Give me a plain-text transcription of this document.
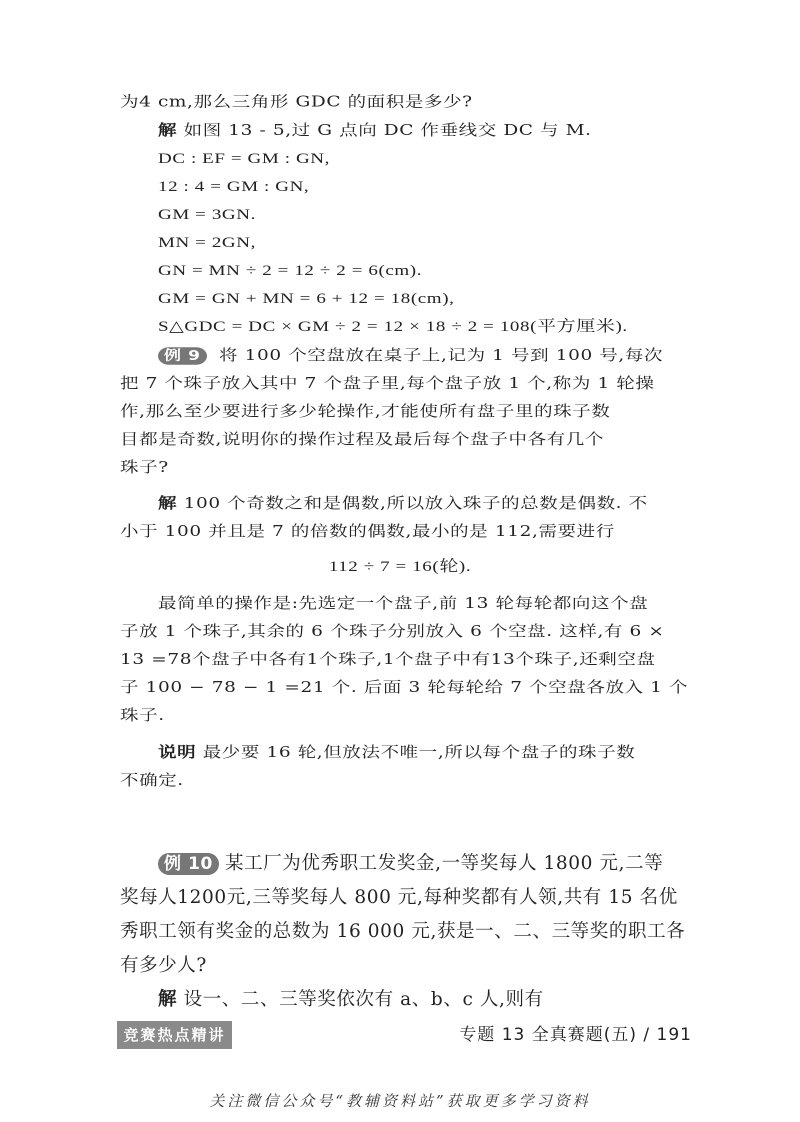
为4 cm,那么三角形 GDC 的面积是多少?
解 如图 13 - 5,过 G 点向 DC 作垂线交 DC 与 M.
DC : EF = GM : GN,
12 : 4 = GM : GN,
GM = 3GN.
MN = 2GN,
GN = MN ÷ 2 = 12 ÷ 2 = 6(cm).
GM = GN + MN = 6 + 12 = 18(cm),
S△GDC = DC × GM ÷ 2 = 12 × 18 ÷ 2 = 108(平方厘米).
例 9 将 100 个空盘放在桌子上,记为 1 号到 100 号,每次
把 7 个珠子放入其中 7 个盘子里,每个盘子放 1 个,称为 1 轮操
作,那么至少要进行多少轮操作,才能使所有盘子里的珠子数
目都是奇数,说明你的操作过程及最后每个盘子中各有几个
珠子?
解 100 个奇数之和是偶数,所以放入珠子的总数是偶数. 不
小于 100 并且是 7 的倍数的偶数,最小的是 112,需要进行
112 ÷ 7 = 16(轮).
最简单的操作是:先选定一个盘子,前 13 轮每轮都向这个盘
子放 1 个珠子,其余的 6 个珠子分别放入 6 个空盘. 这样,有 6 ×
13 =78个盘子中各有1个珠子,1个盘子中有13个珠子,还剩空盘
子 100 − 78 − 1 =21 个. 后面 3 轮每轮给 7 个空盘各放入 1 个
珠子.
说明 最少要 16 轮,但放法不唯一,所以每个盘子的珠子数
不确定.
例 10 某工厂为优秀职工发奖金,一等奖每人 1800 元,二等
奖每人1200元,三等奖每人 800 元,每种奖都有人领,共有 15 名优
秀职工领有奖金的总数为 16 000 元,获是一、二、三等奖的职工各
有多少人?
解 设一、二、三等奖依次有 a、b、c 人,则有
竞赛热点精讲	专题 13 全真赛题(五) / 191
关注微信公众号“教辅资料站”获取更多学习资料
